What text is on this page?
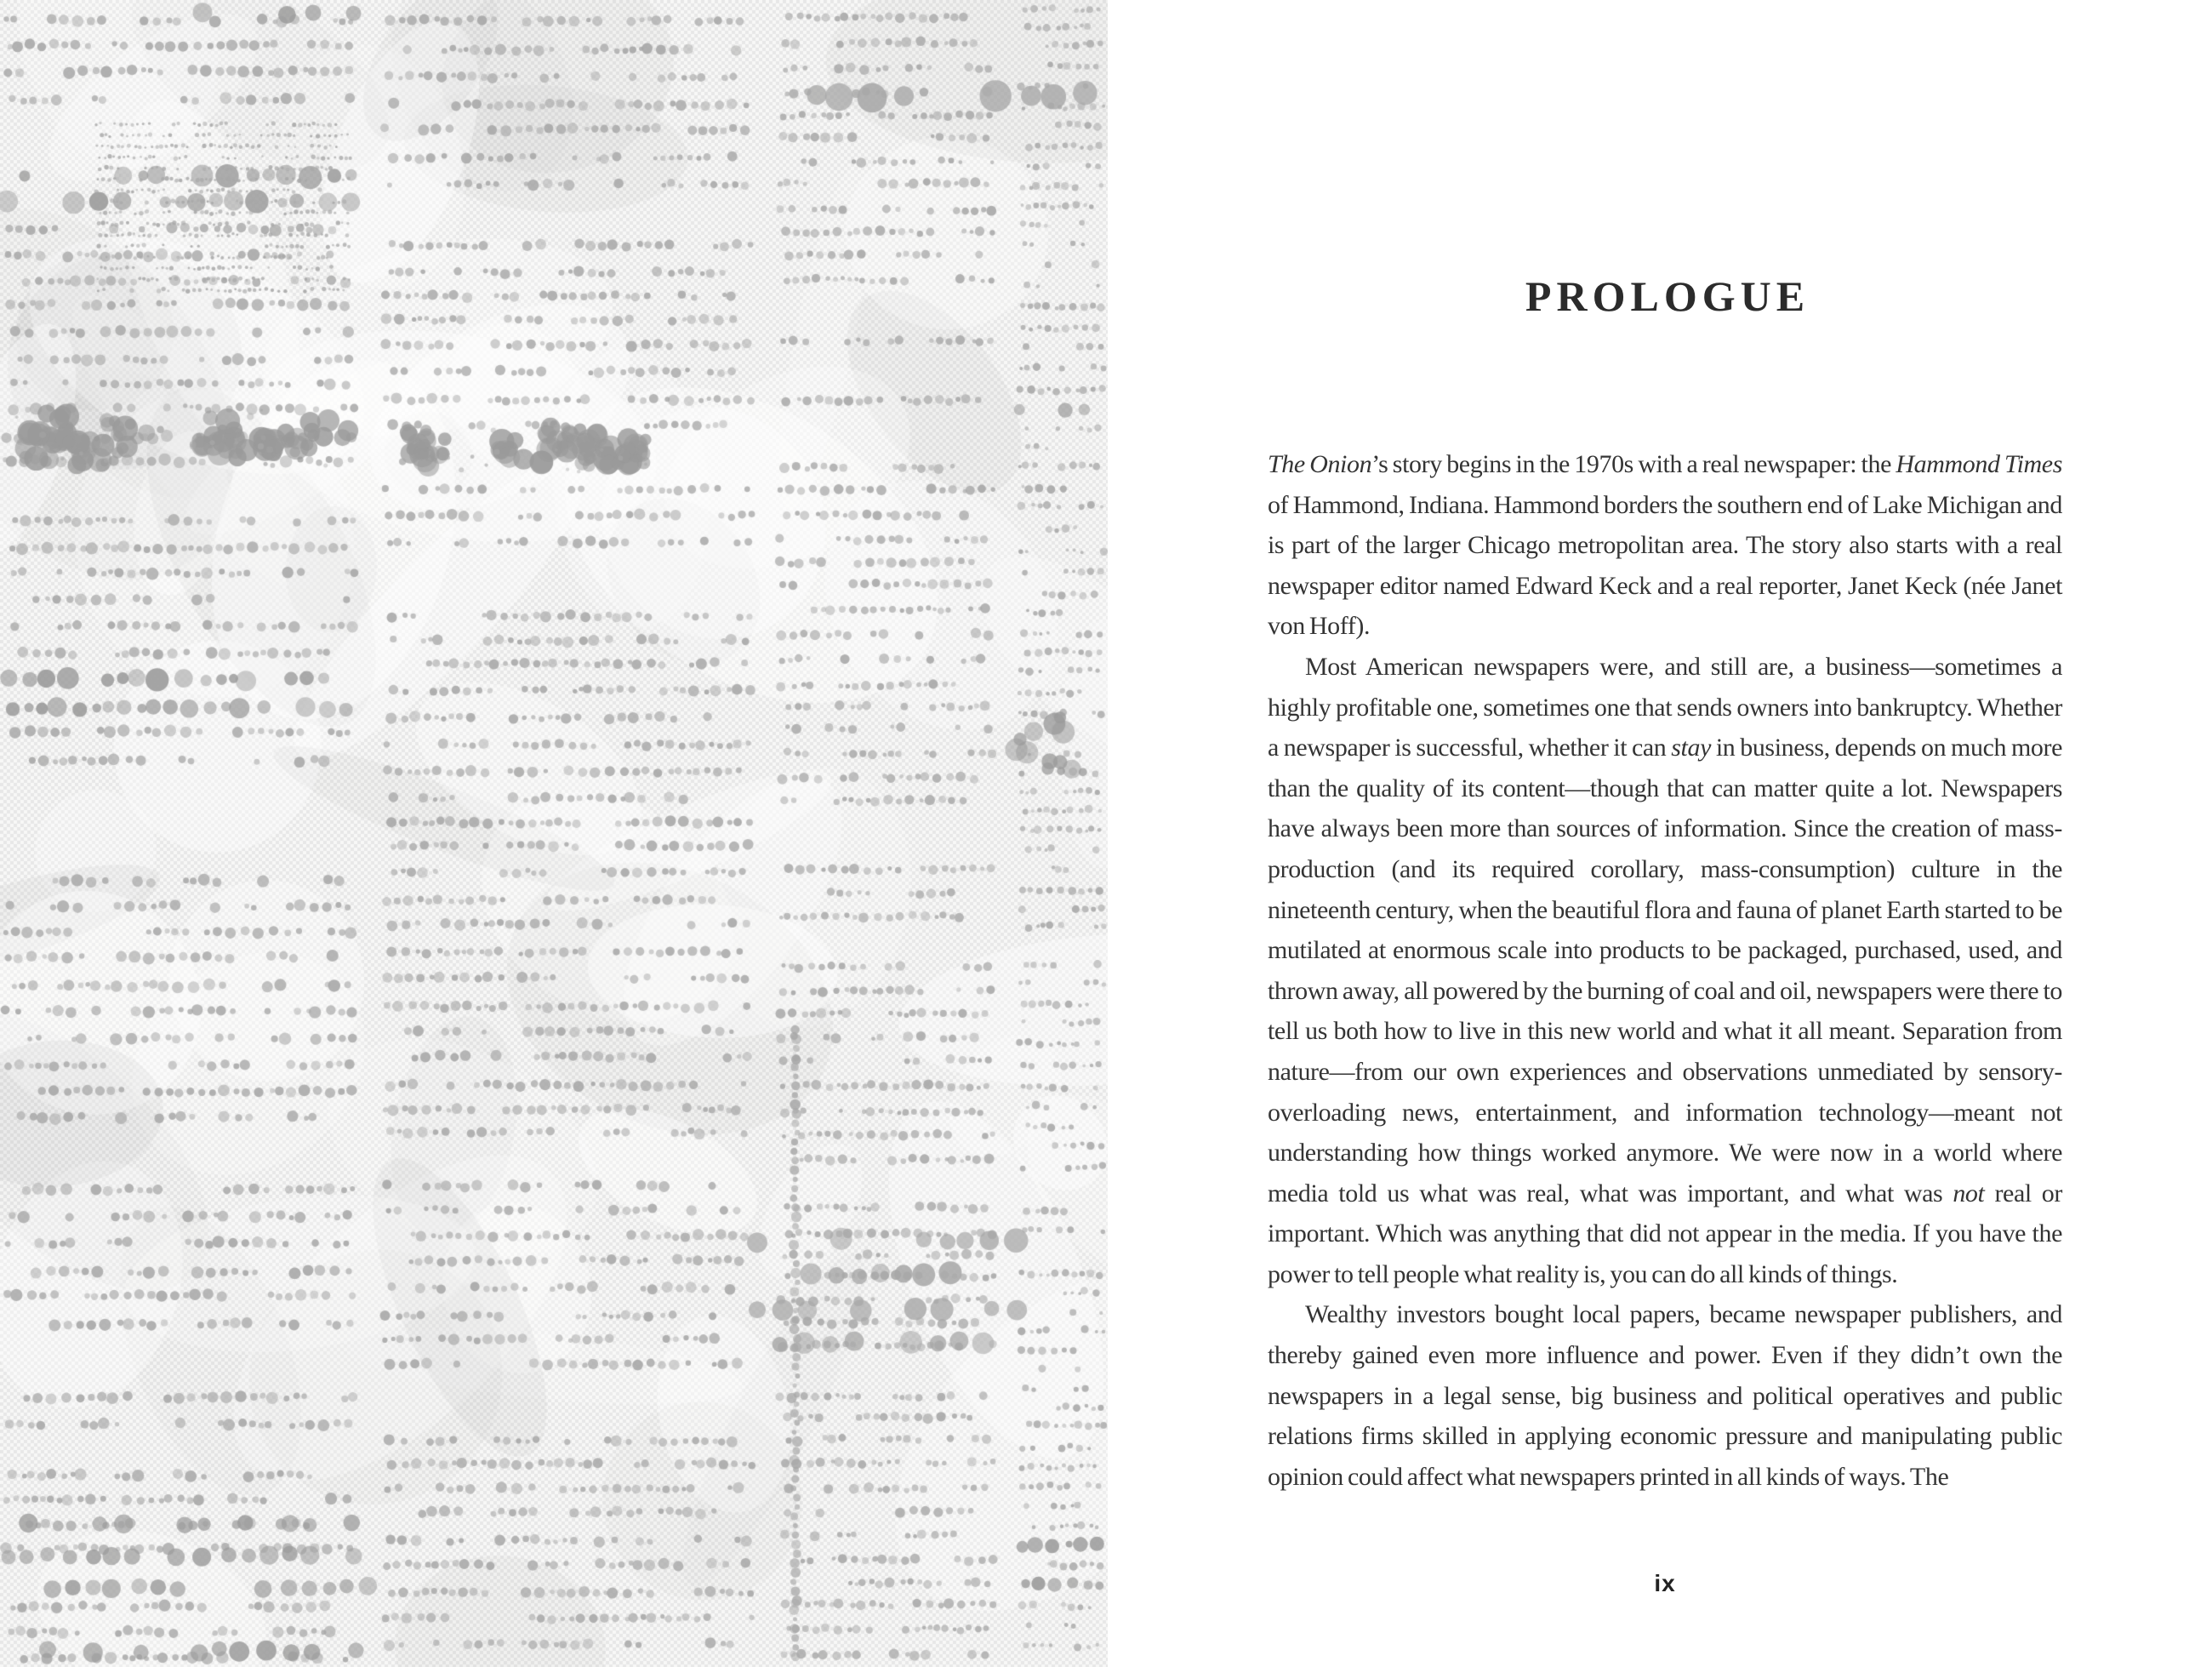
PROLOGUE

The Onion’s story begins in the 1970s with a real newspaper: the Hammond Times of Hammond, Indiana. Hammond borders the southern end of Lake Michigan and is part of the larger Chicago metropolitan area. The story also starts with a real newspaper editor named Edward Keck and a real reporter, Janet Keck (née Janet von Hoff).

Most American newspapers were, and still are, a business—sometimes a highly profitable one, sometimes one that sends owners into bankruptcy. Whether a newspaper is successful, whether it can stay in business, depends on much more than the quality of its content—though that can matter quite a lot. Newspapers have always been more than sources of information. Since the creation of mass-production (and its required corollary, mass-consumption) culture in the nineteenth century, when the beautiful flora and fauna of planet Earth started to be mutilated at enormous scale into products to be packaged, purchased, used, and thrown away, all powered by the burning of coal and oil, newspapers were there to tell us both how to live in this new world and what it all meant. Separation from nature—from our own experiences and observations unmediated by sensory-overloading news, entertainment, and information technology—meant not understanding how things worked anymore. We were now in a world where media told us what was real, what was important, and what was not real or important. Which was anything that did not appear in the media. If you have the power to tell people what reality is, you can do all kinds of things.

Wealthy investors bought local papers, became newspaper publishers, and thereby gained even more influence and power. Even if they didn’t own the newspapers in a legal sense, big business and political operatives and public relations firms skilled in applying economic pressure and manipulating public opinion could affect what newspapers printed in all kinds of ways. The

ix
